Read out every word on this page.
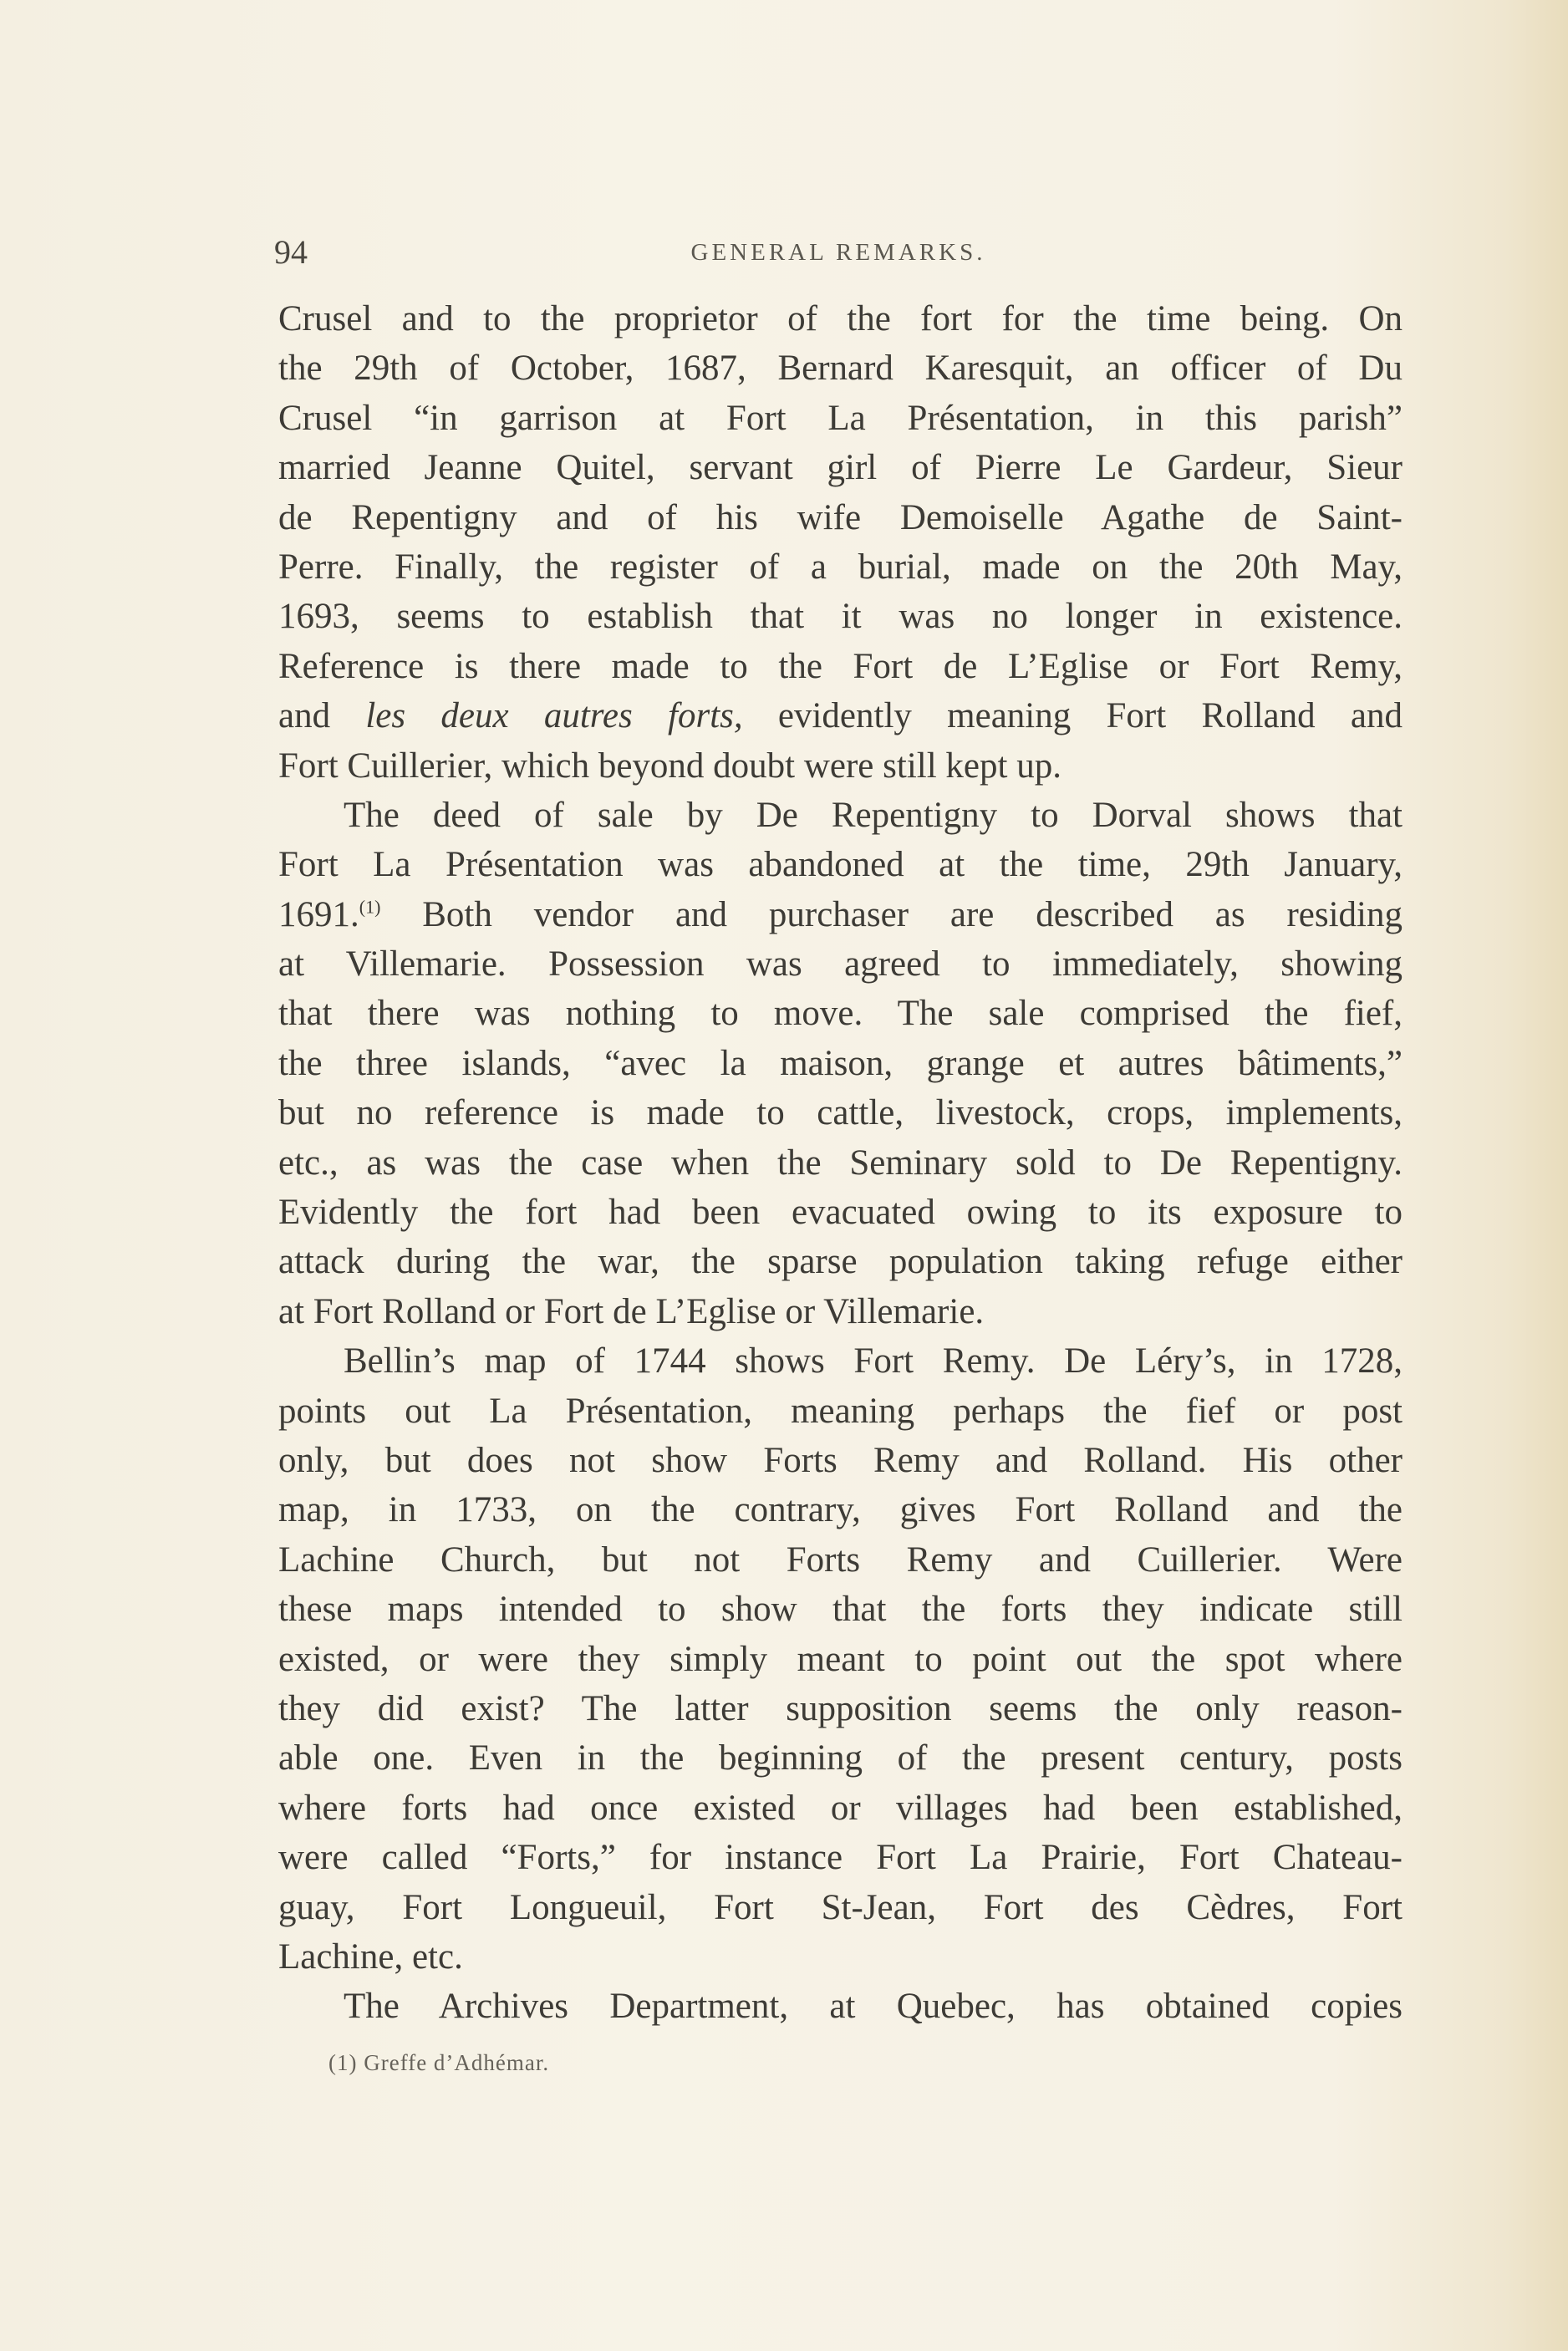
94	GENERAL REMARKS.
Crusel and to the proprietor of the fort for the time being. On
the 29th of October, 1687, Bernard Karesquit, an officer of Du
Crusel “in garrison at Fort La Présentation, in this parish”
married Jeanne Quitel, servant girl of Pierre Le Gardeur, Sieur
de Repentigny and of his wife Demoiselle Agathe de Saint-
Perre. Finally, the register of a burial, made on the 20th May,
1693, seems to establish that it was no longer in existence.
Reference is there made to the Fort de L’Eglise or Fort Remy,
and les deux autres forts, evidently meaning Fort Rolland and
Fort Cuillerier, which beyond doubt were still kept up.
The deed of sale by De Repentigny to Dorval shows that
Fort La Présentation was abandoned at the time, 29th January,
1691.$^{(1)}$ Both vendor and purchaser are described as residing
at Villemarie. Possession was agreed to immediately, showing
that there was nothing to move. The sale comprised the fief,
the three islands, “avec la maison, grange et autres bâtiments,”
but no reference is made to cattle, livestock, crops, implements,
etc., as was the case when the Seminary sold to De Repentigny.
Evidently the fort had been evacuated owing to its exposure to
attack during the war, the sparse population taking refuge either
at Fort Rolland or Fort de L’Eglise or Villemarie.
Bellin’s map of 1744 shows Fort Remy. De Léry’s, in 1728,
points out La Présentation, meaning perhaps the fief or post
only, but does not show Forts Remy and Rolland. His other
map, in 1733, on the contrary, gives Fort Rolland and the
Lachine Church, but not Forts Remy and Cuillerier. Were
these maps intended to show that the forts they indicate still
existed, or were they simply meant to point out the spot where
they did exist? The latter supposition seems the only reason-
able one. Even in the beginning of the present century, posts
where forts had once existed or villages had been established,
were called “Forts,” for instance Fort La Prairie, Fort Chateau-
guay, Fort Longueuil, Fort St-Jean, Fort des Cèdres, Fort
Lachine, etc.
The Archives Department, at Quebec, has obtained copies
(1) Greffe d’Adhémar.
